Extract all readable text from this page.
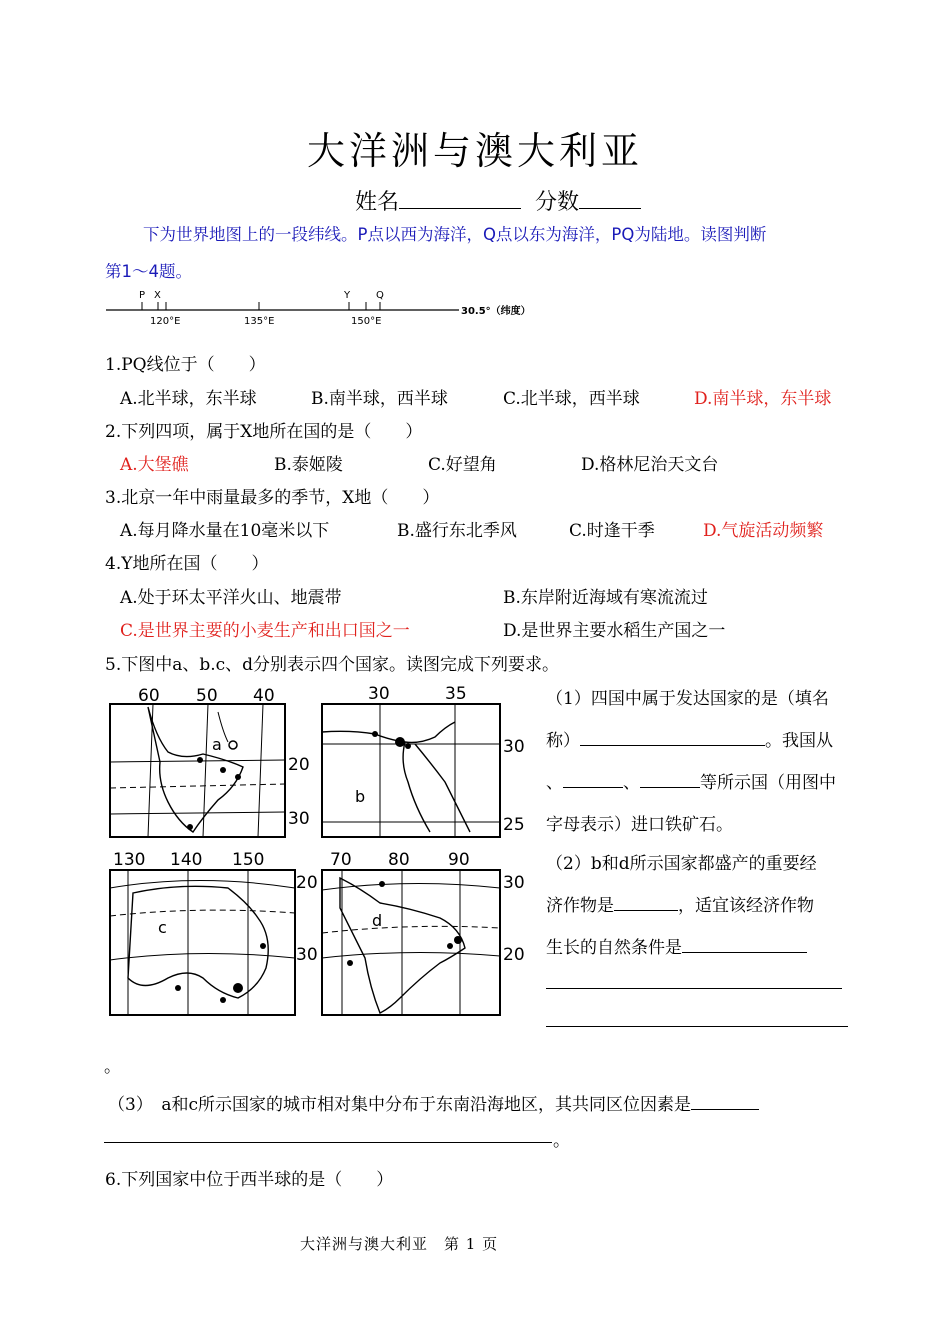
大洋洲与澳大利亚
姓名	分数
下为世界地图上的一段纬线。P点以西为海洋，Q点以东为海洋，PQ为陆地。读图判断
第1～4题。
P X	Y	Q
120°E	135°E	150°E
30.5°（纬度）
1.PQ线位于（　　）
A.北半球，东半球	B.南半球，西半球	C.北半球，西半球	D.南半球，东半球
2.下列四项，属于X地所在国的是（　　）
A.大堡礁	B.泰姬陵	C.好望角	D.格林尼治天文台
3.北京一年中雨量最多的季节，X地（　　）
A.每月降水量在10毫米以下	B.盛行东北季风	C.时逢干季	D.气旋活动频繁
4.Y地所在国（　　）
A.处于环太平洋火山、地震带	B.东岸附近海域有寒流流过
C.是世界主要的小麦生产和出口国之一	D.是世界主要水稻生产国之一
5.下图中a、b.c、d分别表示四个国家。读图完成下列要求。
60 50 40
a
20
30
30	35
b
30
25
130 140 150
c
20
30
70 80 90
d
30
20
（1）四国中属于发达国家的是（填名
称）	。我国从
、	、	等所示国（用图中
字母表示）进口铁矿石。
（2）b和d所示国家都盛产的重要经
济作物是	，适宜该经济作物
生长的自然条件是
。
（3）　a和c所示国家的城市相对集中分布于东南沿海地区，其共同区位因素是
。
6.下列国家中位于西半球的是（　　）
大洋洲与澳大利亚　第 1 页
